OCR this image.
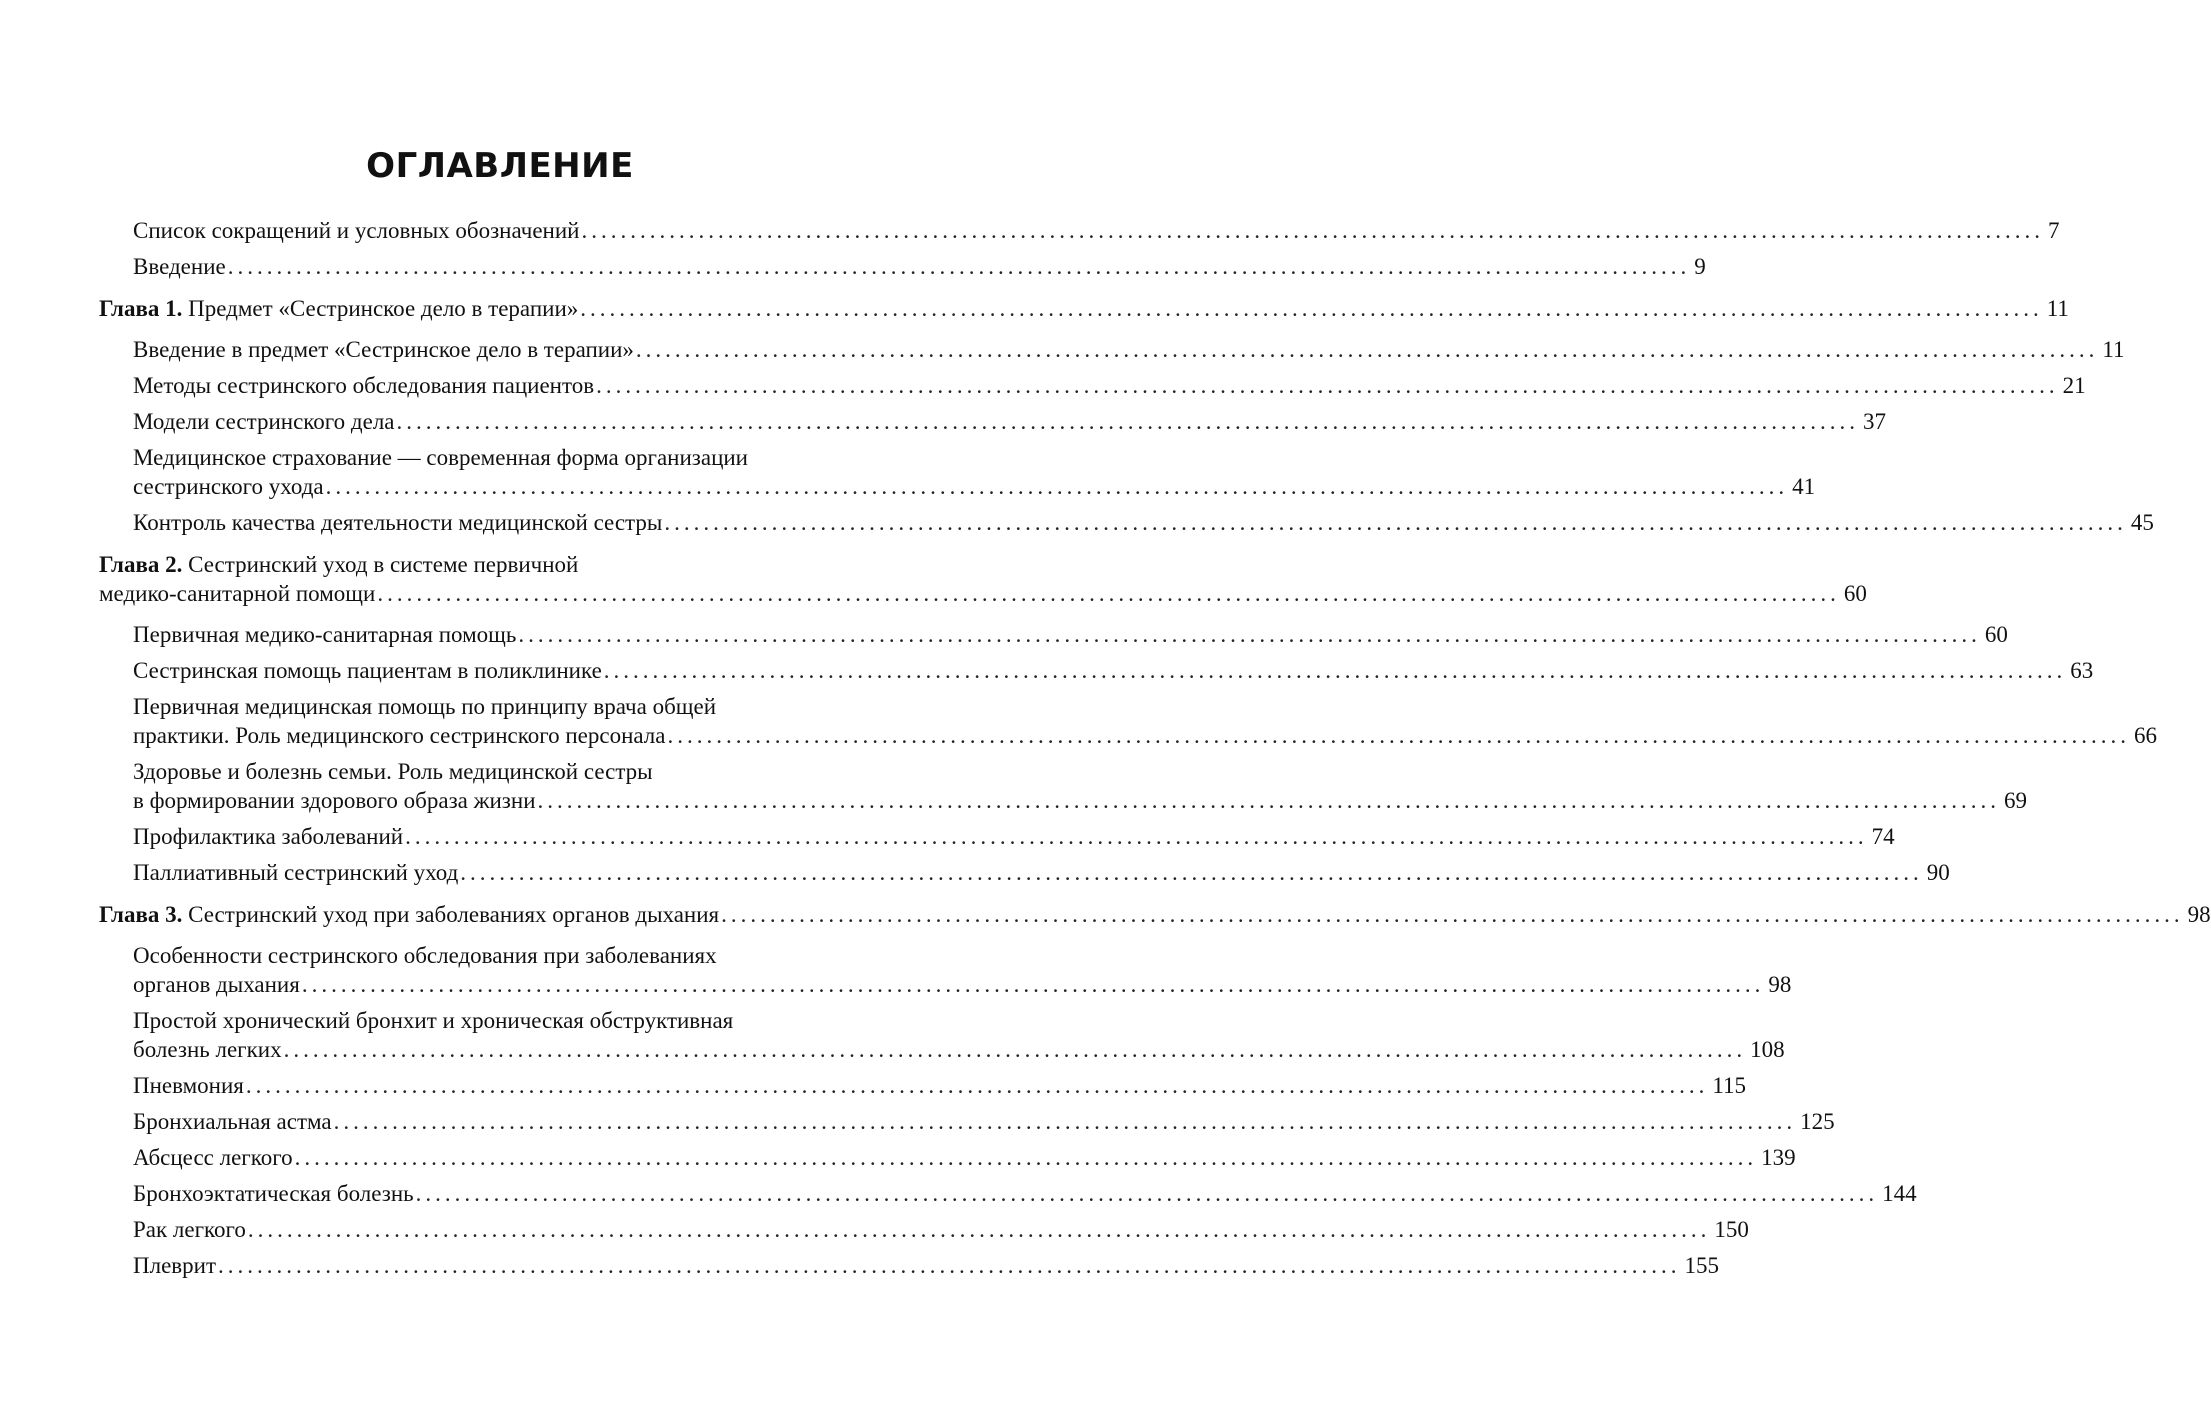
ОГЛАВЛЕНИЕ
Список сокращений и условных обозначений ...................................................................................................................................................... 7
Введение ...................................................................................................................................................... 9
Глава 1. Предмет «Сестринское дело в терапии» ...................................................................................................................................................... 11
Введение в предмет «Сестринское дело в терапии» ...................................................................................................................................................... 11
Методы сестринского обследования пациентов ...................................................................................................................................................... 21
Модели сестринского дела ...................................................................................................................................................... 37
Медицинское страхование — современная форма организации
сестринского ухода ...................................................................................................................................................... 41
Контроль качества деятельности медицинской сестры ...................................................................................................................................................... 45
Глава 2. Сестринский уход в системе первичной
медико-санитарной помощи ...................................................................................................................................................... 60
Первичная медико-санитарная помощь ...................................................................................................................................................... 60
Сестринская помощь пациентам в поликлинике ...................................................................................................................................................... 63
Первичная медицинская помощь по принципу врача общей
практики. Роль медицинского сестринского персонала ...................................................................................................................................................... 66
Здоровье и болезнь семьи. Роль медицинской сестры
в формировании здорового образа жизни ...................................................................................................................................................... 69
Профилактика заболеваний ...................................................................................................................................................... 74
Паллиативный сестринский уход ...................................................................................................................................................... 90
Глава 3. Сестринский уход при заболеваниях органов дыхания ...................................................................................................................................................... 98
Особенности сестринского обследования при заболеваниях
органов дыхания ...................................................................................................................................................... 98
Простой хронический бронхит и хроническая обструктивная
болезнь легких ...................................................................................................................................................... 108
Пневмония ...................................................................................................................................................... 115
Бронхиальная астма ...................................................................................................................................................... 125
Абсцесс легкого ...................................................................................................................................................... 139
Бронхоэктатическая болезнь ...................................................................................................................................................... 144
Рак легкого ...................................................................................................................................................... 150
Плеврит ...................................................................................................................................................... 155
